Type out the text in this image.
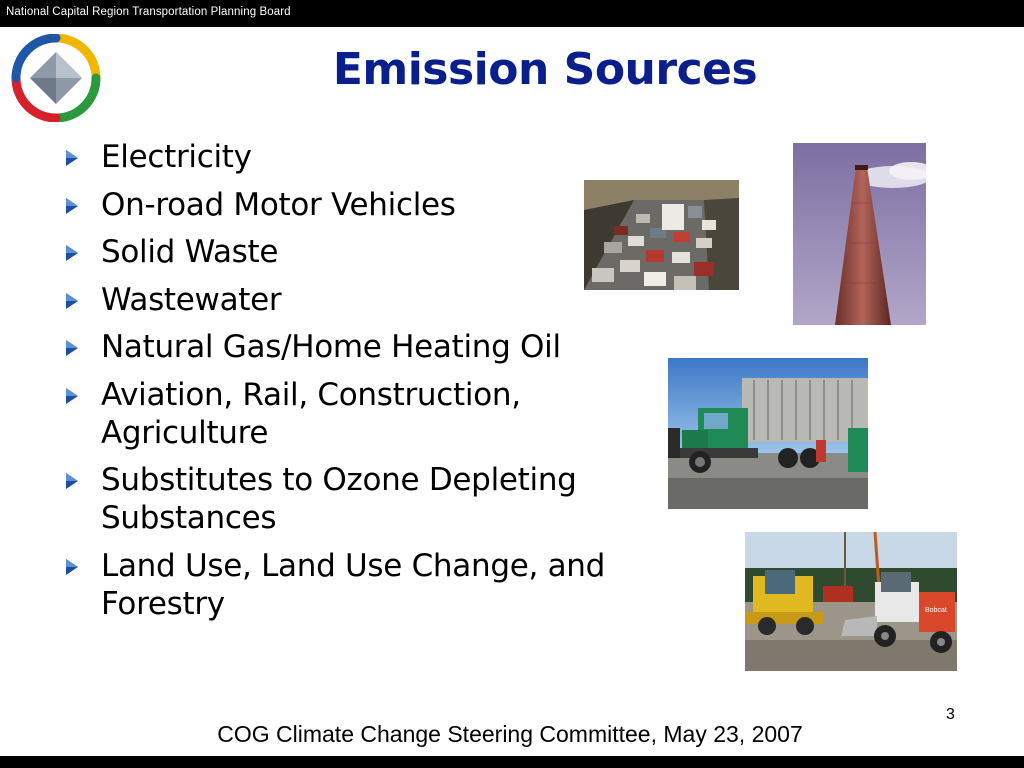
National Capital Region Transportation Planning Board
Emission Sources
Electricity
On-road Motor Vehicles
Solid Waste
Wastewater
Natural Gas/Home Heating Oil
Aviation, Rail, Construction, Agriculture
Substitutes to Ozone Depleting Substances
Land Use, Land Use Change, and Forestry	Bobcat
COG Climate Change Steering Committee, May 23, 2007
3
